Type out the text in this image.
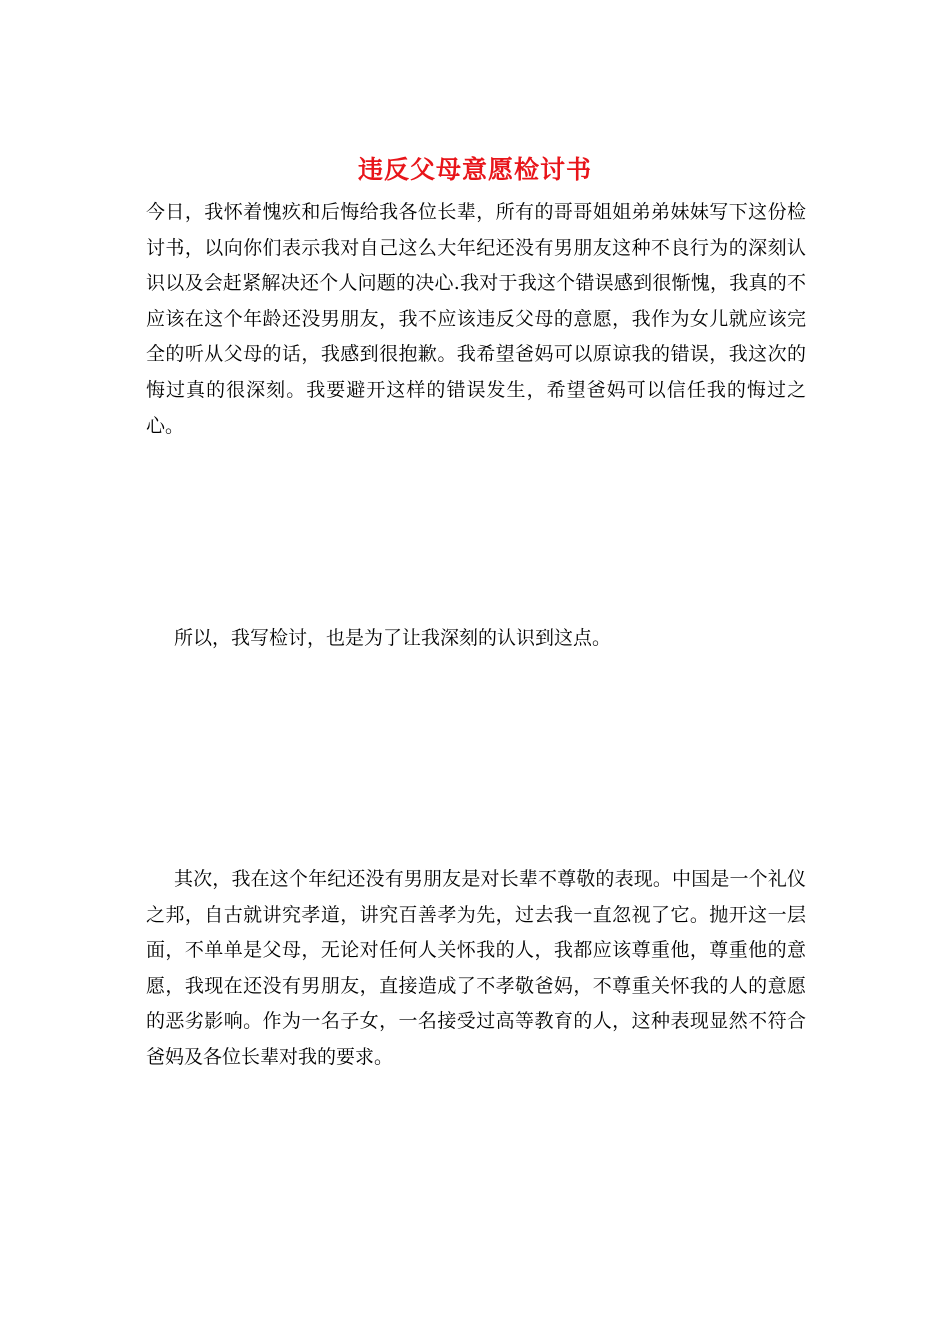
违反父母意愿检讨书

今日，我怀着愧疚和后悔给我各位长辈，所有的哥哥姐姐弟弟妹妹写下这份检讨书，以向你们表示我对自己这么大年纪还没有男朋友这种不良行为的深刻认识以及会赶紧解决还个人问题的决心.我对于我这个错误感到很惭愧，我真的不应该在这个年龄还没男朋友，我不应该违反父母的意愿，我作为女儿就应该完全的听从父母的话，我感到很抱歉。我希望爸妈可以原谅我的错误，我这次的悔过真的很深刻。我要避开这样的错误发生，希望爸妈可以信任我的悔过之心。

所以，我写检讨，也是为了让我深刻的认识到这点。

其次，我在这个年纪还没有男朋友是对长辈不尊敬的表现。中国是一个礼仪之邦，自古就讲究孝道，讲究百善孝为先，过去我一直忽视了它。抛开这一层面，不单单是父母，无论对任何人关怀我的人，我都应该尊重他，尊重他的意愿，我现在还没有男朋友，直接造成了不孝敬爸妈，不尊重关怀我的人的意愿的恶劣影响。作为一名子女，一名接受过高等教育的人，这种表现显然不符合爸妈及各位长辈对我的要求。
